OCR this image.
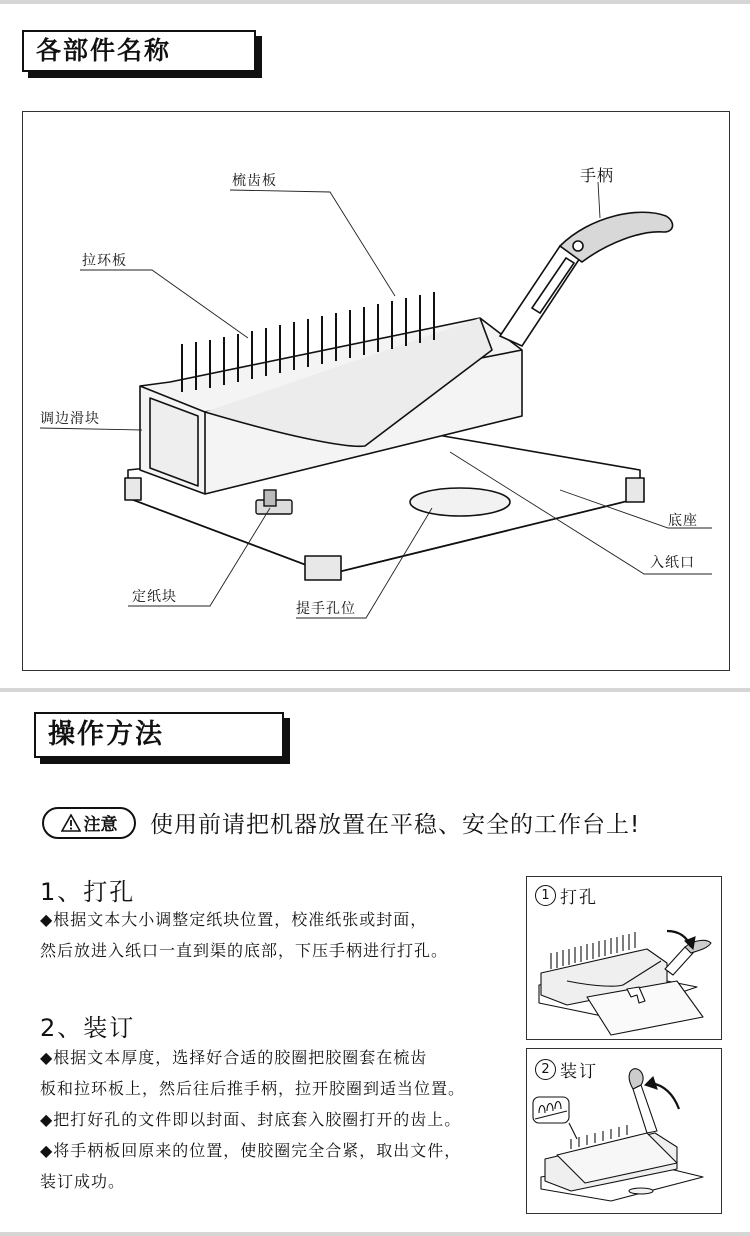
各部件名称
梳齿板	手柄
拉环板
调边滑块
底座
入纸口
定纸块
提手孔位
操作方法
注意 使用前请把机器放置在平稳、安全的工作台上!
1、打孔
◆根据文本大小调整定纸块位置，校准纸张或封面，
然后放进入纸口一直到渠的底部，下压手柄进行打孔。
2、装订
◆根据文本厚度，选择好合适的胶圈把胶圈套在梳齿
板和拉环板上，然后往后推手柄，拉开胶圈到适当位置。
◆把打好孔的文件即以封面、封底套入胶圈打开的齿上。
◆将手柄板回原来的位置，使胶圈完全合紧，取出文件，
装订成功。
1 打孔
2 装订
